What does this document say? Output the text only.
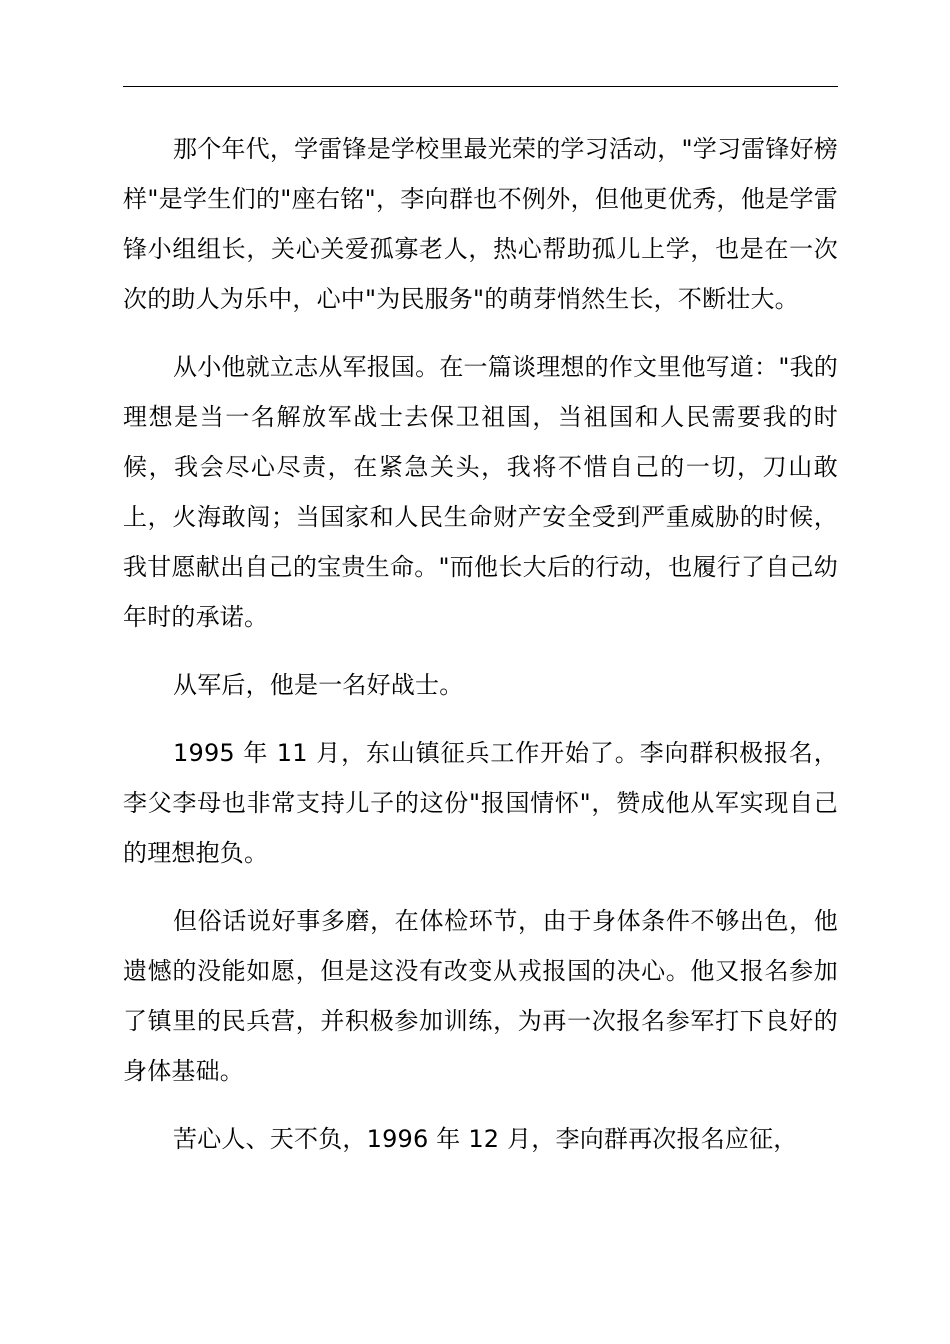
那个年代，学雷锋是学校里最光荣的学习活动，"学习雷锋好榜样"是学生们的"座右铭"，李向群也不例外，但他更优秀，他是学雷锋小组组长，关心关爱孤寡老人，热心帮助孤儿上学，也是在一次次的助人为乐中，心中"为民服务"的萌芽悄然生长，不断壮大。

从小他就立志从军报国。在一篇谈理想的作文里他写道："我的理想是当一名解放军战士去保卫祖国，当祖国和人民需要我的时候，我会尽心尽责，在紧急关头，我将不惜自己的一切，刀山敢上，火海敢闯；当国家和人民生命财产安全受到严重威胁的时候，我甘愿献出自己的宝贵生命。"而他长大后的行动，也履行了自己幼年时的承诺。

从军后，他是一名好战士。

1995 年 11 月，东山镇征兵工作开始了。李向群积极报名，李父李母也非常支持儿子的这份"报国情怀"，赞成他从军实现自己的理想抱负。

但俗话说好事多磨，在体检环节，由于身体条件不够出色，他遗憾的没能如愿，但是这没有改变从戎报国的决心。他又报名参加了镇里的民兵营，并积极参加训练，为再一次报名参军打下良好的身体基础。

苦心人、天不负，1996 年 12 月，李向群再次报名应征，
